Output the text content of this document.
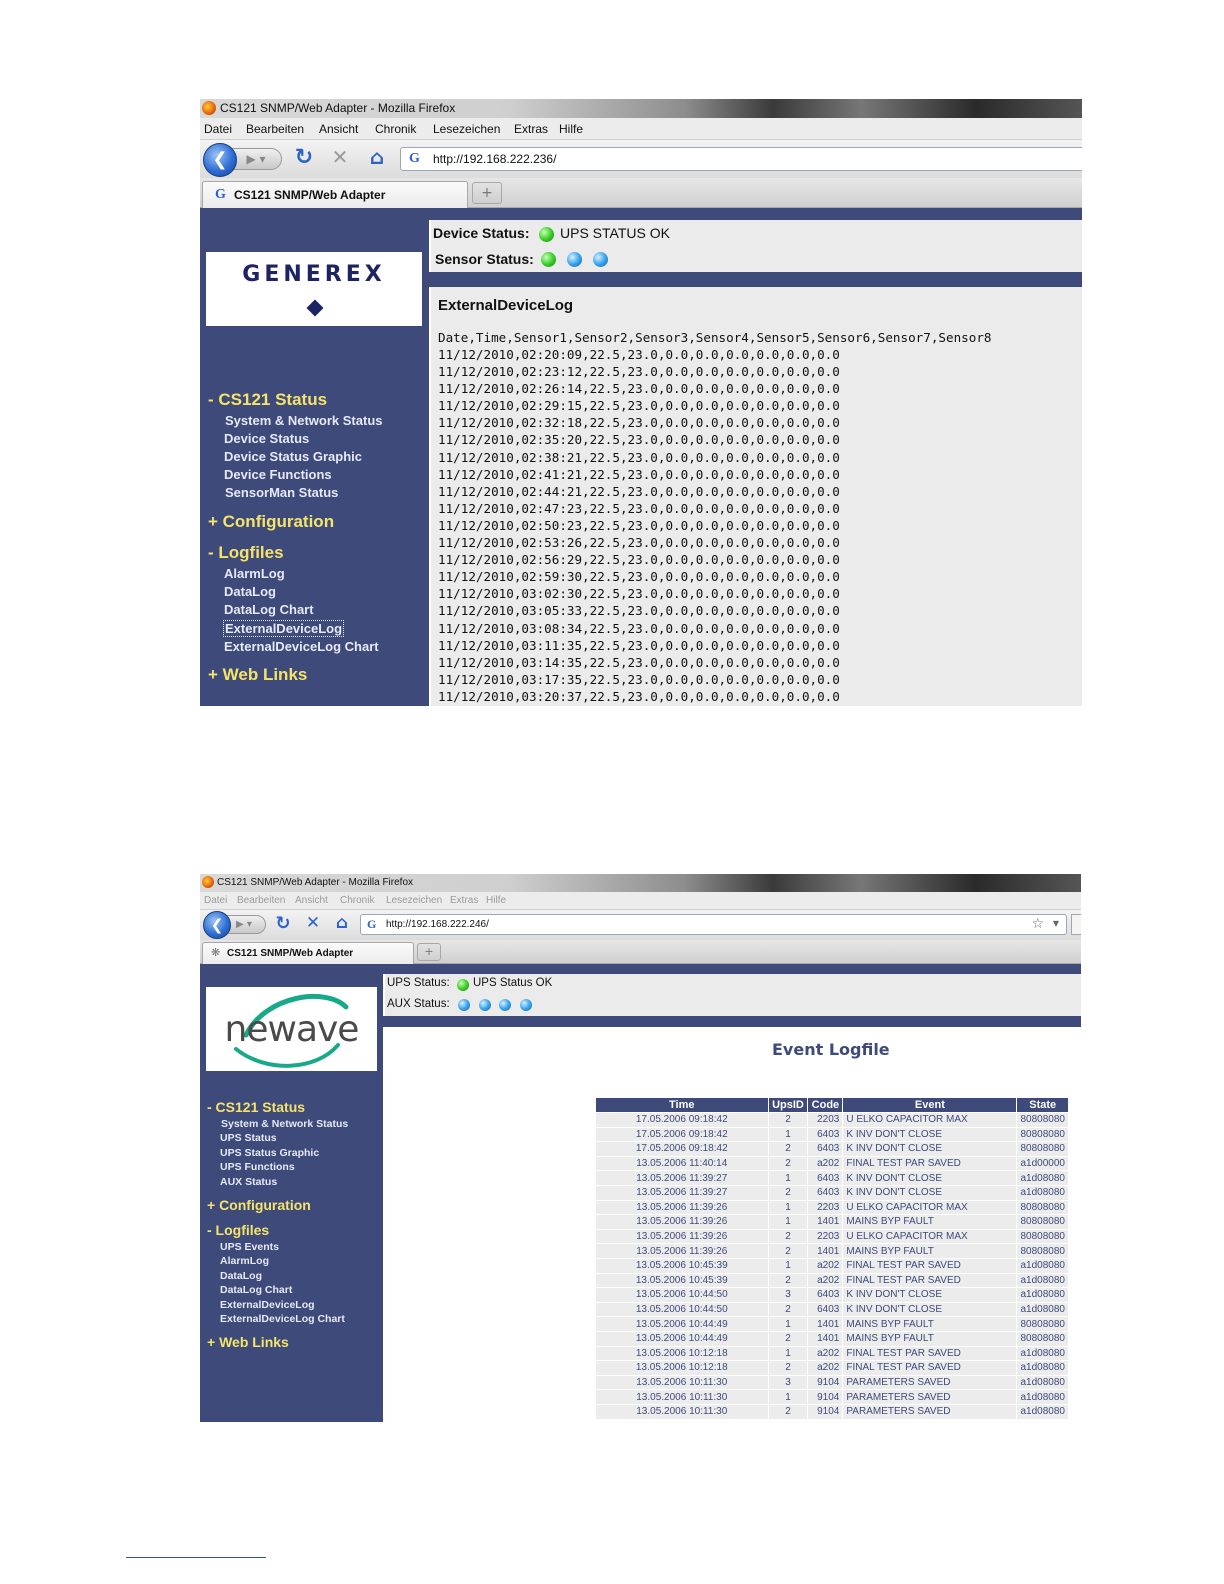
CS121 SNMP/Web Adapter - Mozilla Firefox
Datei Bearbeiten Ansicht Chronik Lesezeichen Extras Hilfe
▶ ▾
❮	↻ ✕ ⌂	G http://192.168.222.236/
G CS121 SNMP/Web Adapter	+
GENEREX
- CS121 Status
System & Network Status
Device Status
Device Status Graphic
Device Functions
SensorMan Status
+ Configuration
- Logfiles
AlarmLog
DataLog
DataLog Chart
ExternalDeviceLog
ExternalDeviceLog Chart
+ Web Links
Device Status: UPS STATUS OK
Sensor Status:
ExternalDeviceLog
Date,Time,Sensor1,Sensor2,Sensor3,Sensor4,Sensor5,Sensor6,Sensor7,Sensor8
11/12/2010,02:20:09,22.5,23.0,0.0,0.0,0.0,0.0,0.0,0.0
11/12/2010,02:23:12,22.5,23.0,0.0,0.0,0.0,0.0,0.0,0.0
11/12/2010,02:26:14,22.5,23.0,0.0,0.0,0.0,0.0,0.0,0.0
11/12/2010,02:29:15,22.5,23.0,0.0,0.0,0.0,0.0,0.0,0.0
11/12/2010,02:32:18,22.5,23.0,0.0,0.0,0.0,0.0,0.0,0.0
11/12/2010,02:35:20,22.5,23.0,0.0,0.0,0.0,0.0,0.0,0.0
11/12/2010,02:38:21,22.5,23.0,0.0,0.0,0.0,0.0,0.0,0.0
11/12/2010,02:41:21,22.5,23.0,0.0,0.0,0.0,0.0,0.0,0.0
11/12/2010,02:44:21,22.5,23.0,0.0,0.0,0.0,0.0,0.0,0.0
11/12/2010,02:47:23,22.5,23.0,0.0,0.0,0.0,0.0,0.0,0.0
11/12/2010,02:50:23,22.5,23.0,0.0,0.0,0.0,0.0,0.0,0.0
11/12/2010,02:53:26,22.5,23.0,0.0,0.0,0.0,0.0,0.0,0.0
11/12/2010,02:56:29,22.5,23.0,0.0,0.0,0.0,0.0,0.0,0.0
11/12/2010,02:59:30,22.5,23.0,0.0,0.0,0.0,0.0,0.0,0.0
11/12/2010,03:02:30,22.5,23.0,0.0,0.0,0.0,0.0,0.0,0.0
11/12/2010,03:05:33,22.5,23.0,0.0,0.0,0.0,0.0,0.0,0.0
11/12/2010,03:08:34,22.5,23.0,0.0,0.0,0.0,0.0,0.0,0.0
11/12/2010,03:11:35,22.5,23.0,0.0,0.0,0.0,0.0,0.0,0.0
11/12/2010,03:14:35,22.5,23.0,0.0,0.0,0.0,0.0,0.0,0.0
11/12/2010,03:17:35,22.5,23.0,0.0,0.0,0.0,0.0,0.0,0.0
11/12/2010,03:20:37,22.5,23.0,0.0,0.0,0.0,0.0,0.0,0.0
CS121 SNMP/Web Adapter - Mozilla Firefox
Datei Bearbeiten Ansicht Chronik Lesezeichen Extras Hilfe
▶ ▾
❮	↻ ✕ ⌂	G http://192.168.222.246/	☆ ▼
❋ CS121 SNMP/Web Adapter	+
newave
- CS121 Status
System & Network Status
UPS Status
UPS Status Graphic
UPS Functions
AUX Status
+ Configuration
- Logfiles
UPS Events
AlarmLog
DataLog
DataLog Chart
ExternalDeviceLog
ExternalDeviceLog Chart
+ Web Links
UPS Status: UPS Status OK
AUX Status:
Event Logfile
Time	UpsID	Code	Event	State
17.05.2006 09:18:42	2	2203	U ELKO CAPACITOR MAX	80808080
17.05.2006 09:18:42	1	6403	K INV DON'T CLOSE	80808080
17.05.2006 09:18:42	2	6403	K INV DON'T CLOSE	80808080
13.05.2006 11:40:14	2	a202	FINAL TEST PAR SAVED	a1d00000
13.05.2006 11:39:27	1	6403	K INV DON'T CLOSE	a1d08080
13.05.2006 11:39:27	2	6403	K INV DON'T CLOSE	a1d08080
13.05.2006 11:39:26	1	2203	U ELKO CAPACITOR MAX	80808080
13.05.2006 11:39:26	1	1401	MAINS BYP FAULT	80808080
13.05.2006 11:39:26	2	2203	U ELKO CAPACITOR MAX	80808080
13.05.2006 11:39:26	2	1401	MAINS BYP FAULT	80808080
13.05.2006 10:45:39	1	a202	FINAL TEST PAR SAVED	a1d08080
13.05.2006 10:45:39	2	a202	FINAL TEST PAR SAVED	a1d08080
13.05.2006 10:44:50	3	6403	K INV DON'T CLOSE	a1d08080
13.05.2006 10:44:50	2	6403	K INV DON'T CLOSE	a1d08080
13.05.2006 10:44:49	1	1401	MAINS BYP FAULT	80808080
13.05.2006 10:44:49	2	1401	MAINS BYP FAULT	80808080
13.05.2006 10:12:18	1	a202	FINAL TEST PAR SAVED	a1d08080
13.05.2006 10:12:18	2	a202	FINAL TEST PAR SAVED	a1d08080
13.05.2006 10:11:30	3	9104	PARAMETERS SAVED	a1d08080
13.05.2006 10:11:30	1	9104	PARAMETERS SAVED	a1d08080
13.05.2006 10:11:30	2	9104	PARAMETERS SAVED	a1d08080
